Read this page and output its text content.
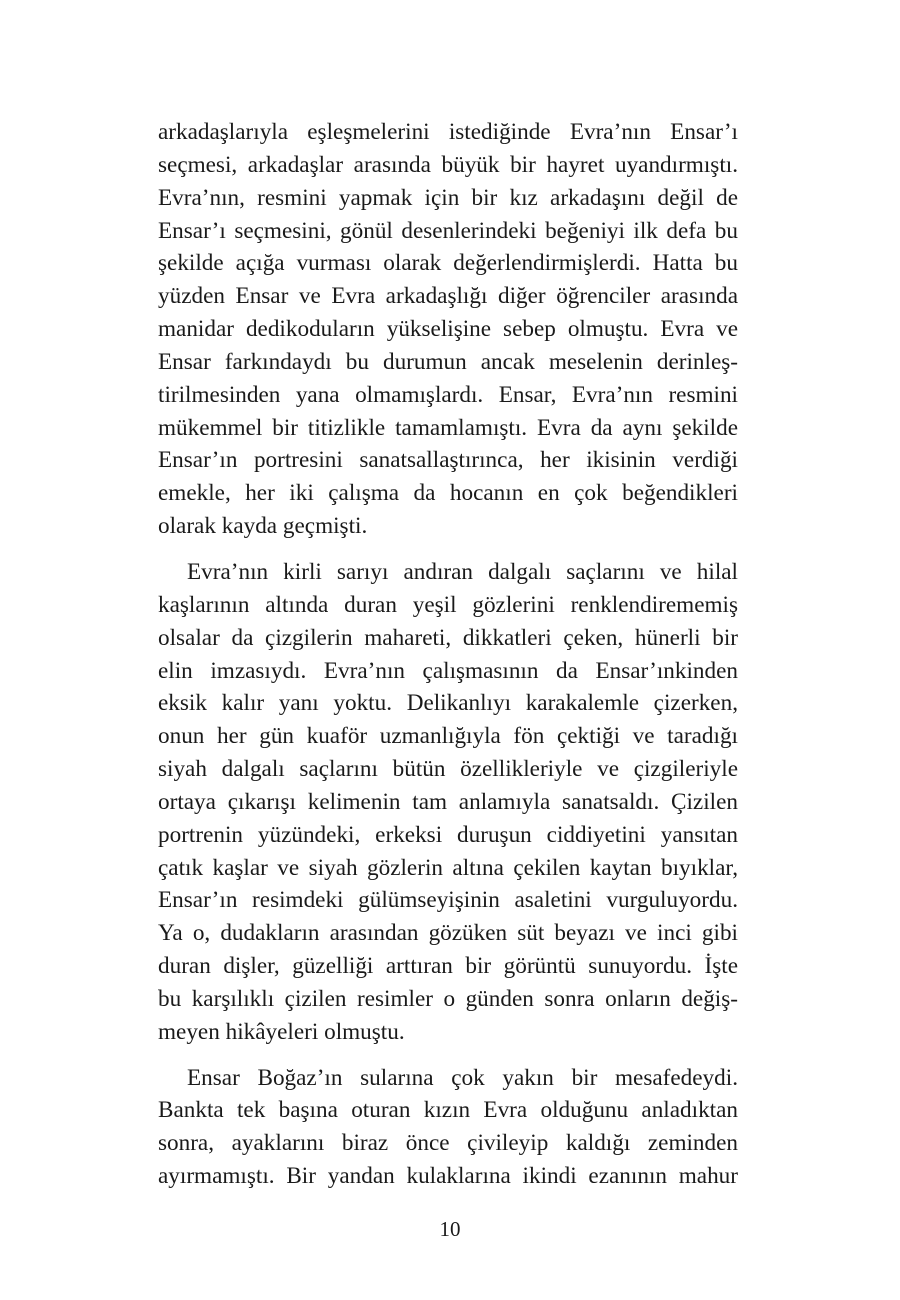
arkadaşlarıyla eşleşmelerini istediğinde Evra’nın Ensar’ı
seçmesi, arkadaşlar arasında büyük bir hayret uyandırmıştı.
Evra’nın, resmini yapmak için bir kız arkadaşını değil de
Ensar’ı seçmesini, gönül desenlerindeki beğeniyi ilk defa bu
şekilde açığa vurması olarak değerlendirmişlerdi. Hatta bu
yüzden Ensar ve Evra arkadaşlığı diğer öğrenciler arasında
manidar dedikoduların yükselişine sebep olmuştu. Evra ve
Ensar farkındaydı bu durumun ancak meselenin derinleş-
tirilmesinden yana olmamışlardı. Ensar, Evra’nın resmini
mükemmel bir titizlikle tamamlamıştı. Evra da aynı şekilde
Ensar’ın portresini sanatsallaştırınca, her ikisinin verdiği
emekle, her iki çalışma da hocanın en çok beğendikleri
olarak kayda geçmişti.
Evra’nın kirli sarıyı andıran dalgalı saçlarını ve hilal
kaşlarının altında duran yeşil gözlerini renklendirememiş
olsalar da çizgilerin mahareti, dikkatleri çeken, hünerli bir
elin imzasıydı. Evra’nın çalışmasının da Ensar’ınkinden
eksik kalır yanı yoktu. Delikanlıyı karakalemle çizerken,
onun her gün kuaför uzmanlığıyla fön çektiği ve taradığı
siyah dalgalı saçlarını bütün özellikleriyle ve çizgileriyle
ortaya çıkarışı kelimenin tam anlamıyla sanatsaldı. Çizilen
portrenin yüzündeki, erkeksi duruşun ciddiyetini yansıtan
çatık kaşlar ve siyah gözlerin altına çekilen kaytan bıyıklar,
Ensar’ın resimdeki gülümseyişinin asaletini vurguluyordu.
Ya o, dudakların arasından gözüken süt beyazı ve inci gibi
duran dişler, güzelliği arttıran bir görüntü sunuyordu. İşte
bu karşılıklı çizilen resimler o günden sonra onların değiş-
meyen hikâyeleri olmuştu.
Ensar Boğaz’ın sularına çok yakın bir mesafedeydi.
Bankta tek başına oturan kızın Evra olduğunu anladıktan
sonra, ayaklarını biraz önce çivileyip kaldığı zeminden
ayırmamıştı. Bir yandan kulaklarına ikindi ezanının mahur
10
